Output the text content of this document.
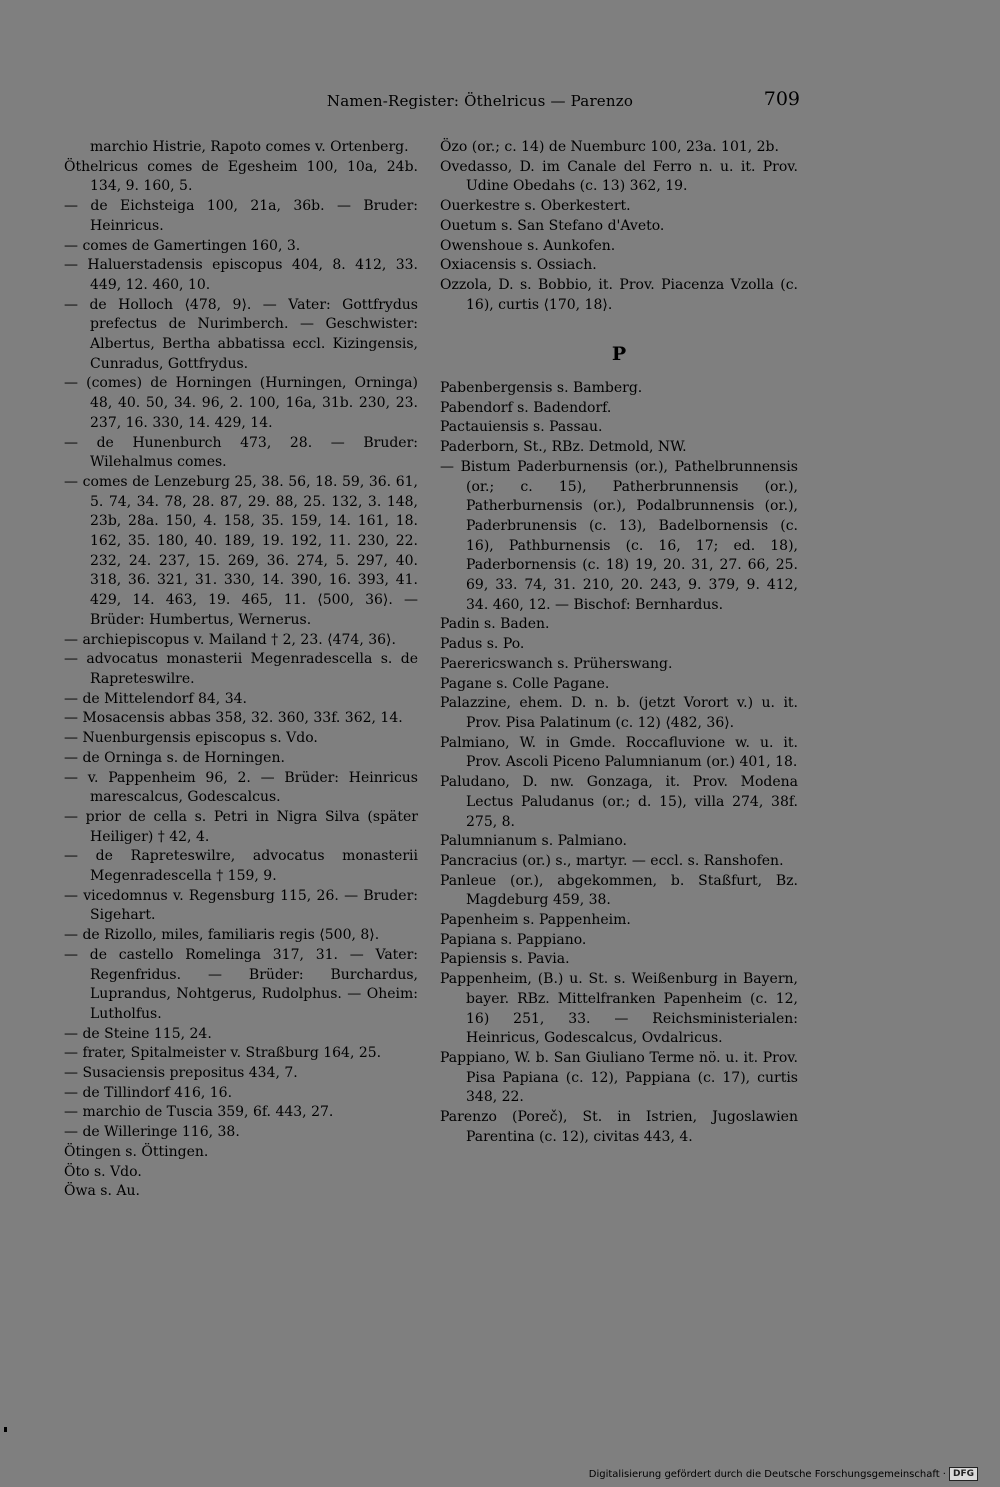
Namen-Register: Öthelricus — Parenzo	709

marchio Histrie, Rapoto comes v. Ortenberg.

Öthelricus comes de Egesheim 100, 10a, 24b. 134, 9. 160, 5.

— de Eichsteiga 100, 21a, 36b. — Bruder: Heinricus.

— comes de Gamertingen 160, 3.

— Haluerstadensis episcopus 404, 8. 412, 33. 449, 12. 460, 10.

— de Holloch ⟨478, 9⟩. — Vater: Gottfrydus prefectus de Nurimberch. — Geschwister: Albertus, Bertha abbatissa eccl. Kizingensis, Cunradus, Gottfrydus.

— (comes) de Horningen (Hurningen, Orninga) 48, 40. 50, 34. 96, 2. 100, 16a, 31b. 230, 23. 237, 16. 330, 14. 429, 14.

— de Hunenburch 473, 28. — Bruder: Wilehalmus comes.

— comes de Lenzeburg 25, 38. 56, 18. 59, 36. 61, 5. 74, 34. 78, 28. 87, 29. 88, 25. 132, 3. 148, 23b, 28a. 150, 4. 158, 35. 159, 14. 161, 18. 162, 35. 180, 40. 189, 19. 192, 11. 230, 22. 232, 24. 237, 15. 269, 36. 274, 5. 297, 40. 318, 36. 321, 31. 330, 14. 390, 16. 393, 41. 429, 14. 463, 19. 465, 11. ⟨500, 36⟩. — Brüder: Humbertus, Wernerus.

— archiepiscopus v. Mailand † 2, 23. ⟨474, 36⟩.

— advocatus monasterii Megenradescella s. de Rapreteswilre.

— de Mittelendorf 84, 34.

— Mosacensis abbas 358, 32. 360, 33f. 362, 14.

— Nuenburgensis episcopus s. Vdo.

— de Orninga s. de Horningen.

— v. Pappenheim 96, 2. — Brüder: Heinricus marescalcus, Godescalcus.

— prior de cella s. Petri in Nigra Silva (später Heiliger) † 42, 4.

— de Rapreteswilre, advocatus monasterii Megenradescella † 159, 9.

— vicedomnus v. Regensburg 115, 26. — Bruder: Sigehart.

— de Rizollo, miles, familiaris regis ⟨500, 8⟩.

— de castello Romelinga 317, 31. — Vater: Regenfridus. — Brüder: Burchardus, Luprandus, Nohtgerus, Rudolphus. — Oheim: Lutholfus.

— de Steine 115, 24.

— frater, Spitalmeister v. Straßburg 164, 25.

— Susaciensis prepositus 434, 7.

— de Tillindorf 416, 16.

— marchio de Tuscia 359, 6f. 443, 27.

— de Willeringe 116, 38.

Ötingen s. Öttingen.

Öto s. Vdo.

Öwa s. Au.

Özo (or.; c. 14) de Nuemburc 100, 23a. 101, 2b.

Ovedasso, D. im Canale del Ferro n. u. it. Prov. Udine Obedahs (c. 13) 362, 19.

Ouerkestre s. Oberkestert.

Ouetum s. San Stefano d'Aveto.

Owenshoue s. Aunkofen.

Oxiacensis s. Ossiach.

Ozzola, D. s. Bobbio, it. Prov. Piacenza Vzolla (c. 16), curtis ⟨170, 18⟩.

P

Pabenbergensis s. Bamberg.

Pabendorf s. Badendorf.

Pactauiensis s. Passau.

Paderborn, St., RBz. Detmold, NW.

— Bistum Paderburnensis (or.), Pathelbrunnensis (or.; c. 15), Patherbrunnensis (or.), Patherburnensis (or.), Podalbrunnensis (or.), Paderbrunensis (c. 13), Badelbornensis (c. 16), Pathburnensis (c. 16, 17; ed. 18), Paderbornensis (c. 18) 19, 20. 31, 27. 66, 25. 69, 33. 74, 31. 210, 20. 243, 9. 379, 9. 412, 34. 460, 12. — Bischof: Bernhardus.

Padin s. Baden.

Padus s. Po.

Paerericswanch s. Prüherswang.

Pagane s. Colle Pagane.

Palazzine, ehem. D. n. b. (jetzt Vorort v.) u. it. Prov. Pisa Palatinum (c. 12) ⟨482, 36⟩.

Palmiano, W. in Gmde. Roccafluvione w. u. it. Prov. Ascoli Piceno Palumnianum (or.) 401, 18.

Paludano, D. nw. Gonzaga, it. Prov. Modena Lectus Paludanus (or.; d. 15), villa 274, 38f. 275, 8.

Palumnianum s. Palmiano.

Pancracius (or.) s., martyr. — eccl. s. Ranshofen.

Panleue (or.), abgekommen, b. Staßfurt, Bz. Magdeburg 459, 38.

Papenheim s. Pappenheim.

Papiana s. Pappiano.

Papiensis s. Pavia.

Pappenheim, (B.) u. St. s. Weißenburg in Bayern, bayer. RBz. Mittelfranken Papenheim (c. 12, 16) 251, 33. — Reichsministerialen: Heinricus, Godescalcus, Ovdalricus.

Pappiano, W. b. San Giuliano Terme nö. u. it. Prov. Pisa Papiana (c. 12), Pappiana (c. 17), curtis 348, 22.

Parenzo (Poreč), St. in Istrien, Jugoslawien Parentina (c. 12), civitas 443, 4.

Digitalisierung gefördert durch die Deutsche Forschungsgemeinschaft · DFG
